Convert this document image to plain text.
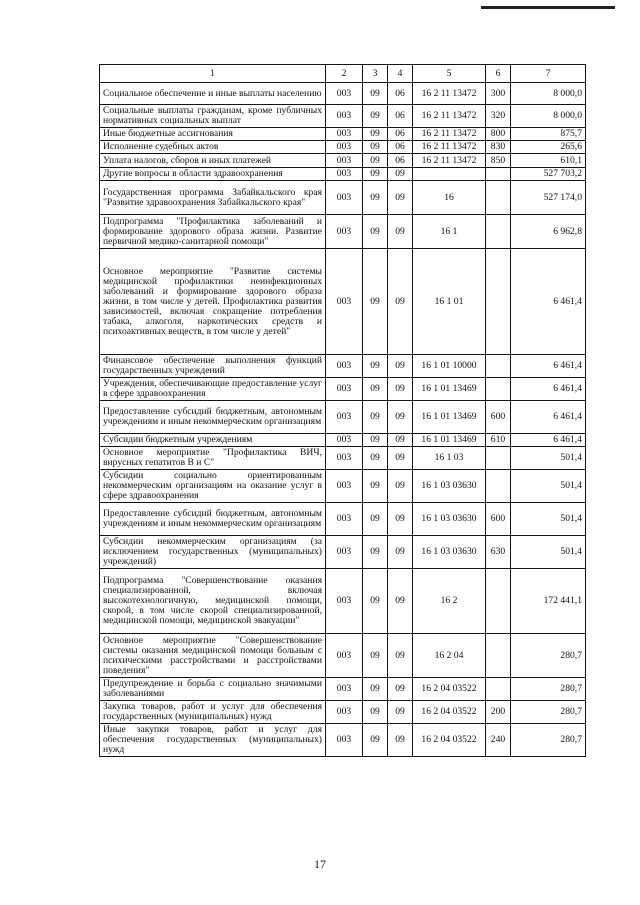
1	2	3	4	5	6	7
Социальное обеспечение и иные выплаты населению	003	09	06	16 2 11 13472	300	8 000,0
Социальные выплаты гражданам, кроме публичных нормативных социальных выплат	003	09	06	16 2 11 13472	320	8 000,0
Иные бюджетные ассигнования	003	09	06	16 2 11 13472	800	875,7
Исполнение судебных актов	003	09	06	16 2 11 13472	830	265,6
Уплата налогов, сборов и иных платежей	003	09	06	16 2 11 13472	850	610,1
Другие вопросы в области здравоохранения	003	09	09			527 703,2
Государственная программа Забайкальского края "Развитие здравоохранения Забайкальского края"	003	09	09	16		527 174,0
Подпрограмма "Профилактика заболеваний и формирование здорового образа жизни. Развитие первичной медико-санитарной помощи"	003	09	09	16 1		6 962,8
Основное мероприятие "Развитие системы медицинской профилактики неинфекционных заболеваний и формирование здорового образа жизни, в том числе у детей. Профилактика развития зависимостей, включая сокращение потребления табака, алкоголя, наркотических средств и психоактивных веществ, в том числе у детей"	003	09	09	16 1 01		6 461,4
Финансовое обеспечение выполнения функций государственных учреждений	003	09	09	16 1 01 10000		6 461,4
Учреждения, обеспечивающие предоставление услуг в сфере здравоохранения	003	09	09	16 1 01 13469		6 461,4
Предоставление субсидий бюджетным, автономным учреждениям и иным некоммерческим организациям	003	09	09	16 1 01 13469	600	6 461,4
Субсидии бюджетным учреждениям	003	09	09	16 1 01 13469	610	6 461,4
Основное мероприятие "Профилактика ВИЧ, вирусных гепатитов В и С"	003	09	09	16 1 03		501,4
Субсидии социально ориентированным некоммерческим организациям на оказание услуг в сфере здравоохранения	003	09	09	16 1 03 03630		501,4
Предоставление субсидий бюджетным, автономным учреждениям и иным некоммерческим организациям	003	09	09	16 1 03 03630	600	501,4
Субсидии некоммерческим организациям (за исключением государственных (муниципальных) учреждений)	003	09	09	16 1 03 03630	630	501,4
Подпрограмма "Совершенствование оказания специализированной, включая высокотехнологичную, медицинской помощи, скорой, в том числе скорой специализированной, медицинской помощи, медицинской эвакуации"	003	09	09	16 2		172 441,1
Основное мероприятие "Совершенствование системы оказания медицинской помощи больным с психическими расстройствами и расстройствами поведения"	003	09	09	16 2 04		280,7
Предупреждение и борьба с социально значимыми заболеваниями	003	09	09	16 2 04 03522		280,7
Закупка товаров, работ и услуг для обеспечения государственных (муниципальных) нужд	003	09	09	16 2 04 03522	200	280,7
Иные закупки товаров, работ и услуг для обеспечения государственных (муниципальных) нужд	003	09	09	16 2 04 03522	240	280,7
17
